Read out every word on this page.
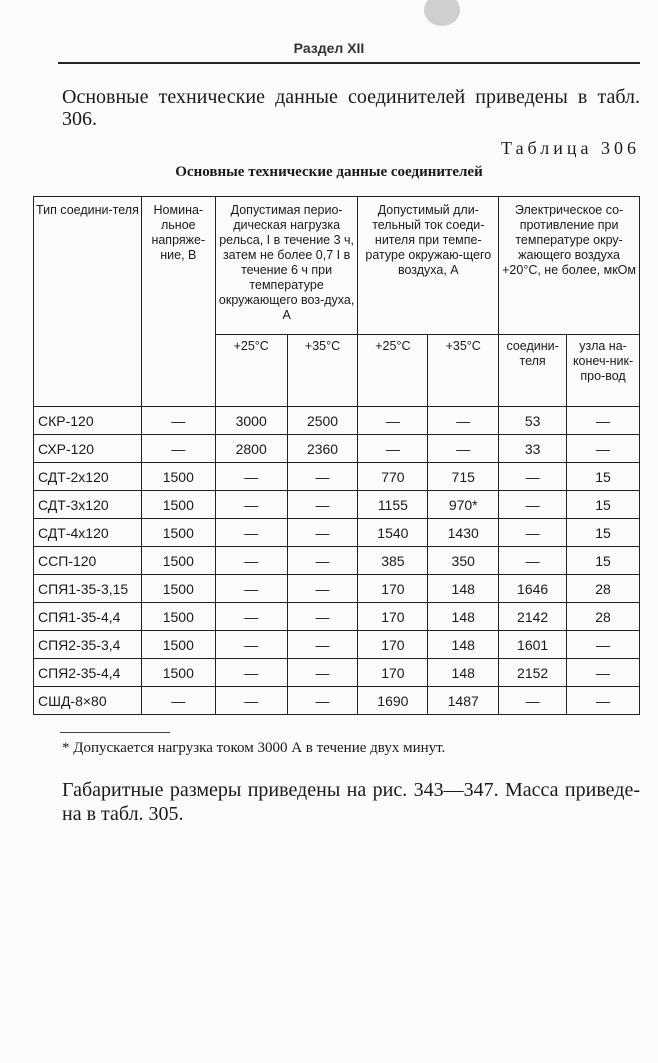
Раздел XII
Основные технические данные соединителей приведены в табл. 306.
Таблица 306
Основные технические данные соединителей
Тип соедини-теля	Номина-льное напряже-ние, В	Допустимая перио-дическая нагрузка рельса, I в течение 3 ч, затем не более 0,7 I в течение 6 ч при температуре окружающего воз-духа, А		Допустимый дли-тельный ток соеди-нителя при темпе-ратуре окружаю-щего воздуха, А		Электрическое со-противление при температуре окру-жающего воздуха +20°С, не более, мкОм	
		+25°С	+35°С	+25°С	+35°С	соедини-теля	узла на-конеч-ник-про-вод
СКР-120	—	3000	2500	—	—	53	—
СХР-120	—	2800	2360	—	—	33	—
СДТ-2х120	1500	—	—	770	715	—	15
СДТ-3х120	1500	—	—	1155	970*	—	15
СДТ-4х120	1500	—	—	1540	1430	—	15
ССП-120	1500	—	—	385	350	—	15
СПЯ1-35-3,15	1500	—	—	170	148	1646	28
СПЯ1-35-4,4	1500	—	—	170	148	2142	28
СПЯ2-35-3,4	1500	—	—	170	148	1601	—
СПЯ2-35-4,4	1500	—	—	170	148	2152	—
СШД-8×80	—	—	—	1690	1487	—	—
* Допускается нагрузка током 3000 А в течение двух минут.
Габаритные размеры приведены на рис. 343—347. Масса приведе-на в табл. 305.
